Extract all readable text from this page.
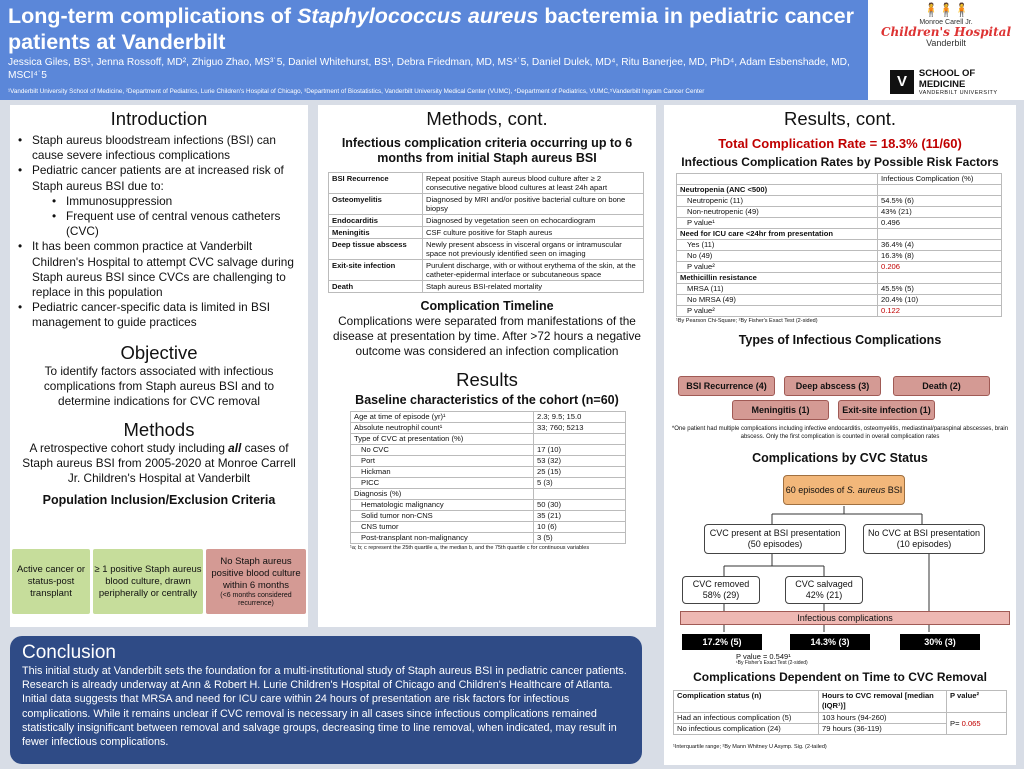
Long-term complications of Staphylococcus aureus bacteremia in pediatric cancer patients at Vanderbilt
Jessica Giles, BS¹, Jenna Rossoff, MD², Zhiguo Zhao, MS³˙5, Daniel Whitehurst, BS¹, Debra Friedman, MD, MS⁴˙5, Daniel Dulek, MD⁴, Ritu Banerjee, MD, PhD⁴, Adam Esbenshade, MD, MSCI⁴˙5
¹Vanderbilt University School of Medicine, ²Department of Pediatrics, Lurie Children's Hospital of Chicago, ³Department of Biostatistics, Vanderbilt University Medical Center (VUMC), ⁴Department of Pediatrics, VUMC,⁵Vanderbilt Ingram Cancer Center
🧍🧍🧍
Monroe Carell Jr.
Children's Hospital
Vanderbilt
V	SCHOOL OF MEDICINE
VANDERBILT UNIVERSITY
Introduction
• Staph aureus bloodstream infections (BSI) can cause severe infectious complications
• Pediatric cancer patients are at increased risk of Staph aureus BSI due to:
• Immunosuppression
• Frequent use of central venous catheters (CVC)
• It has been common practice at Vanderbilt Children's Hospital to attempt CVC salvage during Staph aureus BSI since CVCs are challenging to replace in this population
• Pediatric cancer-specific data is limited in BSI management to guide practices
Objective
To identify factors associated with infectious complications from Staph aureus BSI and to determine indications for CVC removal
Methods
A retrospective cohort study including all cases of Staph aureus BSI from 2005-2020 at Monroe Carrell Jr. Children's Hospital at Vanderbilt
Population Inclusion/Exclusion Criteria
Active cancer or status-post transplant
≥ 1 positive Staph aureus blood culture, drawn peripherally or centrally
No Staph aureus positive blood culture within 6 months
(<6 months considered recurrence)
Methods, cont.
Infectious complication criteria occurring up to 6 months from initial Staph aureus BSI
BSI Recurrence	Repeat positive Staph aureus blood culture after ≥ 2 consecutive negative blood cultures at least 24h apart
Osteomyelitis	Diagnosed by MRI and/or positive bacterial culture on bone biopsy
Endocarditis	Diagnosed by vegetation seen on echocardiogram
Meningitis	CSF culture positive for Staph aureus
Deep tissue abscess	Newly present abscess in visceral organs or intramuscular space not previously identified seen on imaging
Exit-site infection	Purulent discharge, with or without erythema of the skin, at the catheter-epidermal interface or subcutaneous space
Death	Staph aureus BSI-related mortality
Complication Timeline
Complications were separated from manifestations of the disease at presentation by time. After >72 hours a negative outcome was considered an infection complication
Results
Baseline characteristics of the cohort (n=60)
Age at time of episode (yr)¹	2.3; 9.5; 15.0
Absolute neutrophil count¹	33; 760; 5213
Type of CVC at presentation (%)	
No CVC	17 (10)
Port	53 (32)
Hickman	25 (15)
PICC	5 (3)
Diagnosis (%)	
Hematologic malignancy	50 (30)
Solid tumor non-CNS	35 (21)
CNS tumor	10 (6)
Post-transplant non-malignancy	3 (5)
¹a; b; c represent the 25th quartile a, the median b, and the 75th quartile c for continuous variables
Results, cont.
Total Complication Rate = 18.3% (11/60)
Infectious Complication Rates by Possible Risk Factors
	Infectious Complication (%)
Neutropenia (ANC <500)	
Neutropenic (11)	54.5% (6)
Non-neutropenic (49)	43% (21)
P value¹	0.496
Need for ICU care <24hr from presentation	
Yes (11)	36.4% (4)
No (49)	16.3% (8)
P value²	0.206
Methicillin resistance	
MRSA (11)	45.5% (5)
No MRSA (49)	20.4% (10)
P value²	0.122
¹By Pearson Chi-Square; ²By Fisher's Exact Test (2-sided)
Types of Infectious Complications
BSI Recurrence (4)	Deep abscess (3)	Death (2)
Meningitis (1)	Exit-site infection (1)
*One patient had multiple complications including infective endocarditis, osteomyelitis, mediastinal/paraspinal abscesses, brain abscess. Only the first complication is counted in overall complication rates
Complications by CVC Status
60 episodes of S. aureus BSI
CVC present at BSI presentation
(50 episodes)
No CVC at BSI presentation
(10 episodes)
CVC removed
58% (29)
CVC salvaged
42% (21)
Infectious complications
17.2% (5)	14.3% (3)	30% (3)
P value = 0.549¹
¹By Fisher's Exact Test (2-sided)
Complications Dependent on Time to CVC Removal
Complication status (n)	Hours to CVC removal [median (IQR¹)]	P value²
Had an infectious complication (5)	103 hours (94-260)	P= 0.065
No infectious complication (24)	79 hours (36-119)	
¹Interquartile range; ²By Mann Whitney U Asymp. Sig. (2-tailed)
Conclusion
This initial study at Vanderbilt sets the foundation for a multi-institutional study of Staph aureus BSI in pediatric cancer patients. Research is already underway at Ann & Robert H. Lurie Children's Hospital of Chicago and Children's Healthcare of Atlanta. Initial data suggests that MRSA and need for ICU care within 24 hours of presentation are risk factors for infectious complications. While it remains unclear if CVC removal is necessary in all cases since infectious complications remained statistically insignificant between removal and salvage groups, decreasing time to line removal, when indicated, may result in fewer infectious complications.
